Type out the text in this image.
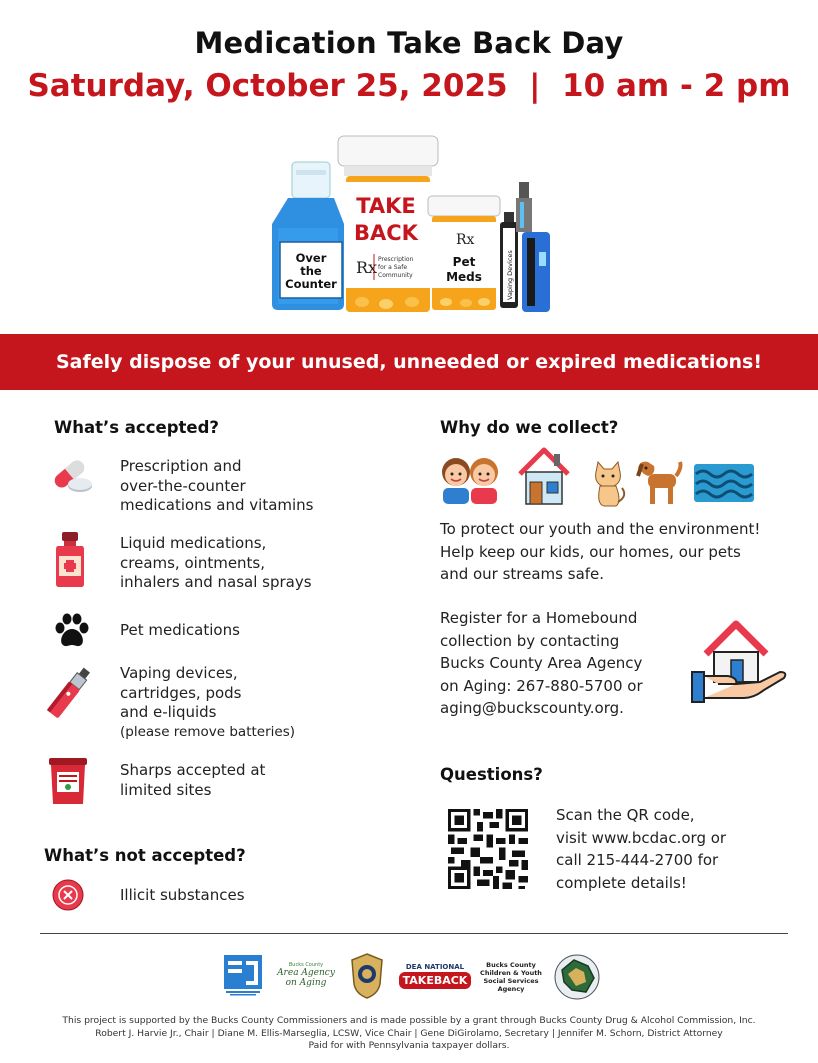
Medication Take Back Day
Saturday, October 25, 2025  |  10 am - 2 pm
Over
the
Counter
TAKE
BACK
Rx Prescription
for a Safe
Community
Rx
Pet
Meds	Vaping Devices
Safely dispose of your unused, unneeded or expired medications!
What’s accepted?
Prescription and
over-the-counter
medications and vitamins
Liquid medications,
creams, ointments,
inhalers and nasal sprays
Pet medications
Vaping devices,
cartridges, pods
and e-liquids
(please remove batteries)
Sharps accepted at
limited sites
What’s not accepted?
Illicit substances
Why do we collect?
To protect our youth and the environment!
Help keep our kids, our homes, our pets
and our streams safe.
Register for a Homebound
collection by contacting
Bucks County Area Agency
on Aging: 267-880-5700 or
aging@buckscounty.org.
Questions?
Scan the QR code,
visit www.bcdac.org or
call 215-444-2700 for
complete details!
Bucks County
Area Agency
on Aging
DEA NATIONAL
TAKEBACK
Bucks County
Children & Youth
Social Services
Agency
This project is supported by the Bucks County Commissioners and is made possible by a grant through Bucks County Drug & Alcohol Commission, Inc.
Robert J. Harvie Jr., Chair | Diane M. Ellis-Marseglia, LCSW, Vice Chair | Gene DiGirolamo, Secretary | Jennifer M. Schorn, District Attorney
Paid for with Pennsylvania taxpayer dollars.
